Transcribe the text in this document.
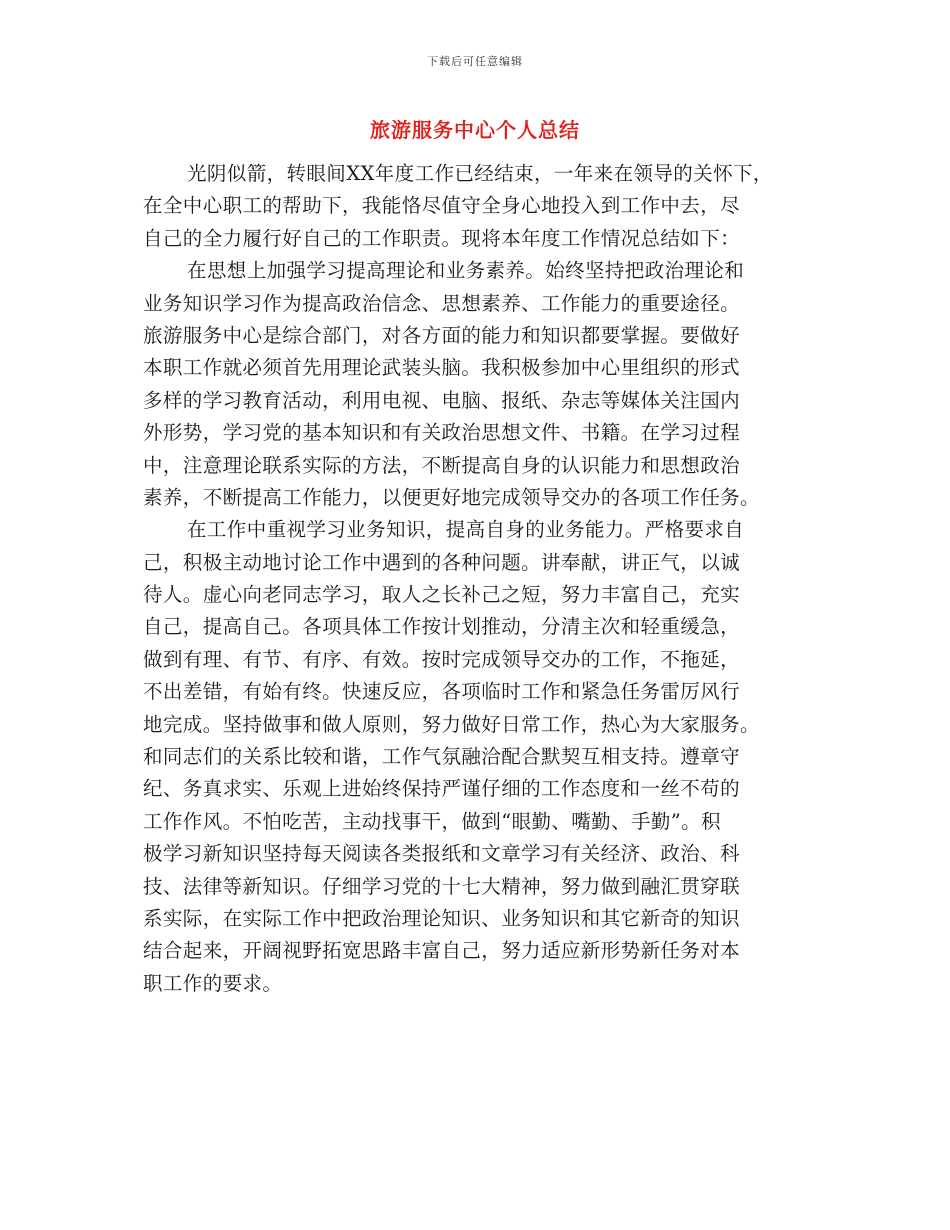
下载后可任意编辑
旅游服务中心个人总结
光阴似箭，转眼间XX年度工作已经结束，一年来在领导的关怀下，
在全中心职工的帮助下，我能恪尽值守全身心地投入到工作中去，尽
自己的全力履行好自己的工作职责。现将本年度工作情况总结如下：
在思想上加强学习提高理论和业务素养。始终坚持把政治理论和
业务知识学习作为提高政治信念、思想素养、工作能力的重要途径。
旅游服务中心是综合部门，对各方面的能力和知识都要掌握。要做好
本职工作就必须首先用理论武装头脑。我积极参加中心里组织的形式
多样的学习教育活动，利用电视、电脑、报纸、杂志等媒体关注国内
外形势，学习党的基本知识和有关政治思想文件、书籍。在学习过程
中，注意理论联系实际的方法，不断提高自身的认识能力和思想政治
素养，不断提高工作能力，以便更好地完成领导交办的各项工作任务。
在工作中重视学习业务知识，提高自身的业务能力。严格要求自
己，积极主动地讨论工作中遇到的各种问题。讲奉献，讲正气，以诚
待人。虚心向老同志学习，取人之长补己之短，努力丰富自己，充实
自己，提高自己。各项具体工作按计划推动，分清主次和轻重缓急，
做到有理、有节、有序、有效。按时完成领导交办的工作，不拖延，
不出差错，有始有终。快速反应，各项临时工作和紧急任务雷厉风行
地完成。坚持做事和做人原则，努力做好日常工作，热心为大家服务。
和同志们的关系比较和谐，工作气氛融洽配合默契互相支持。遵章守
纪、务真求实、乐观上进始终保持严谨仔细的工作态度和一丝不苟的
工作作风。不怕吃苦，主动找事干，做到“眼勤、嘴勤、手勤”。积
极学习新知识坚持每天阅读各类报纸和文章学习有关经济、政治、科
技、法律等新知识。仔细学习党的十七大精神，努力做到融汇贯穿联
系实际，在实际工作中把政治理论知识、业务知识和其它新奇的知识
结合起来，开阔视野拓宽思路丰富自己，努力适应新形势新任务对本
职工作的要求。
